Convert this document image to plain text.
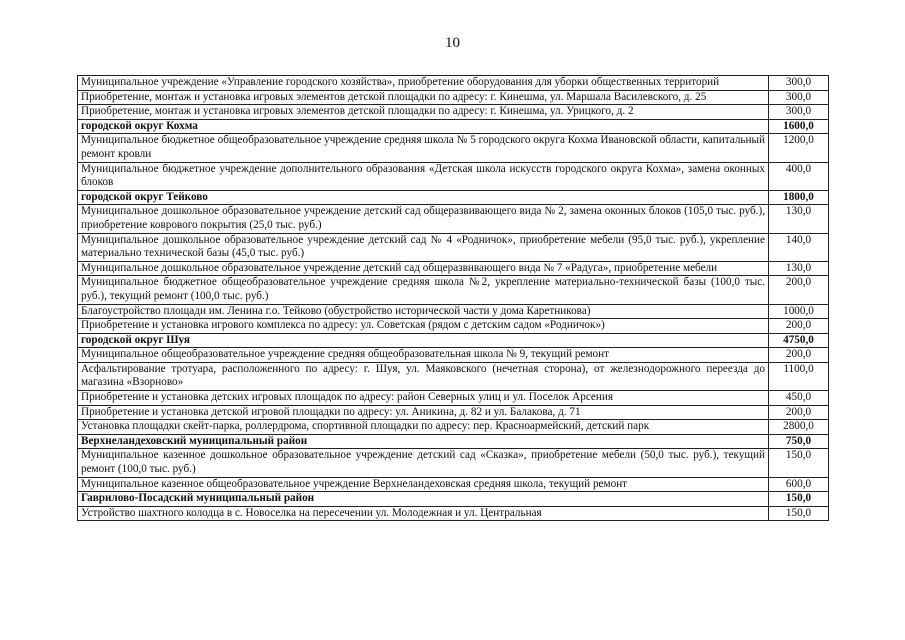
10
Муниципальное учреждение «Управление городского хозяйства», приобретение оборудования для уборки общественных территорий	300,0
Приобретение, монтаж и установка игровых элементов детской площадки по адресу: г. Кинешма, ул. Маршала Василевского, д. 25	300,0
Приобретение, монтаж и установка игровых элементов детской площадки по адресу: г. Кинешма, ул. Урицкого, д. 2	300,0
городской округ Кохма	1600,0
Муниципальное бюджетное общеобразовательное учреждение средняя школа № 5 городского округа Кохма Ивановской области, капитальный ремонт кровли	1200,0
Муниципальное бюджетное учреждение дополнительного образования «Детская школа искусств городского округа Кохма», замена оконных блоков	400,0
городской округ Тейково	1800,0
Муниципальное дошкольное образовательное учреждение детский сад общеразвивающего вида № 2, замена оконных блоков (105,0 тыс. руб.), приобретение коврового покрытия (25,0 тыс. руб.)	130,0
Муниципальное дошкольное образовательное учреждение детский сад № 4 «Родничок», приобретение мебели (95,0 тыс. руб.), укрепление материально технической базы (45,0 тыс. руб.)	140,0
Муниципальное дошкольное образовательное учреждение детский сад общеразвивающего вида № 7 «Радуга», приобретение мебели	130,0
Муниципальное бюджетное общеобразовательное учреждение средняя школа №2, укрепление материально-технической базы (100,0 тыс. руб.), текущий ремонт (100,0 тыс. руб.)	200,0
Благоустройство площади им. Ленина г.о. Тейково (обустройство исторической части у дома Каретникова)	1000,0
Приобретение и установка игрового комплекса по адресу: ул. Советская (рядом с детским садом «Родничок»)	200,0
городской округ Шуя	4750,0
Муниципальное общеобразовательное учреждение средняя общеобразовательная школа № 9, текущий ремонт	200,0
Асфальтирование тротуара, расположенного по адресу: г. Шуя, ул. Маяковского (нечетная сторона), от железнодорожного переезда до магазина «Взорново»	1100,0
Приобретение и установка детских игровых площадок по адресу: район Северных улиц и ул. Поселок Арсения	450,0
Приобретение и установка детской игровой площадки по адресу: ул. Аникина, д. 82 и ул. Балакова, д. 71	200,0
Установка площадки скейт-парка, роллердрома, спортивной площадки по адресу: пер. Красноармейский, детский парк	2800,0
Верхнеландеховский муниципальный район	750,0
Муниципальное казенное дошкольное образовательное учреждение детский сад «Сказка», приобретение мебели (50,0 тыс. руб.), текущий ремонт (100,0 тыс. руб.)	150,0
Муниципальное казенное общеобразовательное учреждение Верхнеландеховская средняя школа, текущий ремонт	600,0
Гаврилово-Посадский муниципальный район	150,0
Устройство шахтного колодца в с. Новоселка на пересечении ул. Молодежная и ул. Центральная	150,0
